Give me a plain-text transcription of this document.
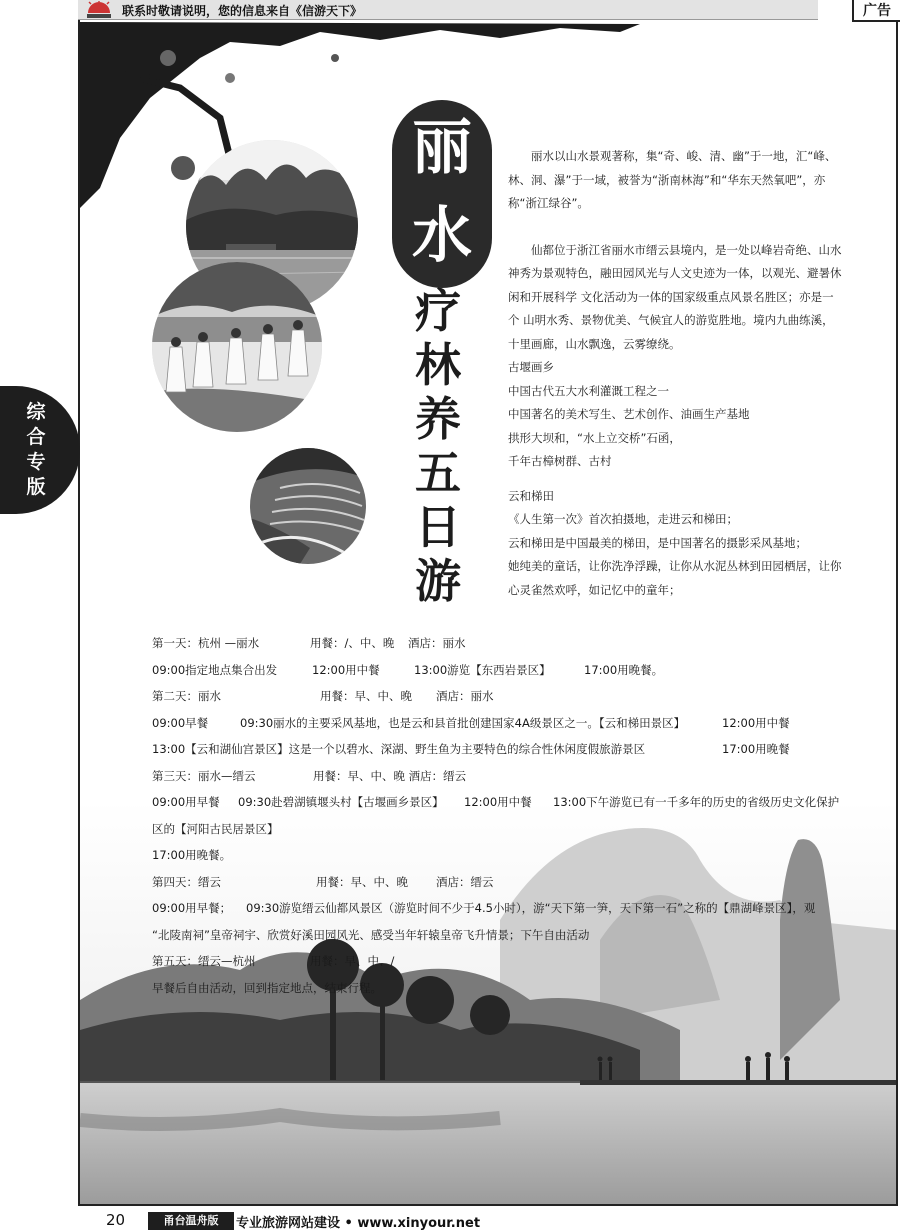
联系时敬请说明，您的信息来自《信游天下》	广告
综合专版
丽水
疗林养五日游

丽水以山水景观著称，集“奇、峻、清、幽”于一地，汇“峰、林、洞、瀑”于一域，被誉为“浙南林海”和“华东天然氧吧”，亦称“浙江绿谷”。

仙都位于浙江省丽水市缙云县境内，是一处以峰岩奇绝、山水神秀为景观特色，融田园风光与人文史迹为一体，以观光、避暑休闲和开展科学 文化活动为一体的国家级重点风景名胜区；亦是一个 山明水秀、景物优美、气候宜人的游览胜地。境内九曲练溪，十里画廊，山水飘逸，云雾缭绕。

古堰画乡
中国古代五大水利灌溉工程之一
中国著名的美术写生、艺术创作、油画生产基地
拱形大坝和，“水上立交桥”石函，
千年古樟树群、古村
云和梯田
《人生第一次》首次拍摄地，走进云和梯田；
云和梯田是中国最美的梯田，是中国著名的摄影采风基地；
她纯美的童话，让你洗净浮躁，让你从水泥丛林到田园栖居，让你
心灵雀然欢呼，如记忆中的童年；
第一天：杭州 —丽水	用餐：/、中、晚 酒店：丽水
09:00指定地点集合出发	12:00用中餐	13:00游览【东西岩景区】	17:00用晚餐。
第二天：丽水	用餐：早、中、晚 酒店：丽水
09:00早餐	09:30丽水的主要采风基地，也是云和县首批创建国家4A级景区之一。【云和梯田景区】	12:00用中餐
13:00【云和湖仙宫景区】这是一个以碧水、深湖、野生鱼为主要特色的综合性休闲度假旅游景区	17:00用晚餐
第三天：丽水—缙云	用餐：早、中、晚 酒店：缙云
09:00用早餐 09:30赴碧湖镇堰头村【古堰画乡景区】 12:00用中餐 13:00下午游览已有一千多年的历史的省级历史文化保护
区的【河阳古民居景区】
17:00用晚餐。
第四天：缙云	用餐：早、中、晚 酒店：缙云
09:00用早餐； 09:30游览缙云仙都风景区（游览时间不少于4.5小时），游“天下第一笋，天下第一石”之称的【鼎湖峰景区】，观
“北陵南祠”皇帝祠宇、欣赏好溪田园风光、感受当年轩辕皇帝飞升情景；下午自由活动
第五天：缙云—杭州	用餐：早、中、/
早餐后自由活动，回到指定地点，结束行程。
20	甬台温舟版	专业旅游网站建设 • www.xinyour.net
